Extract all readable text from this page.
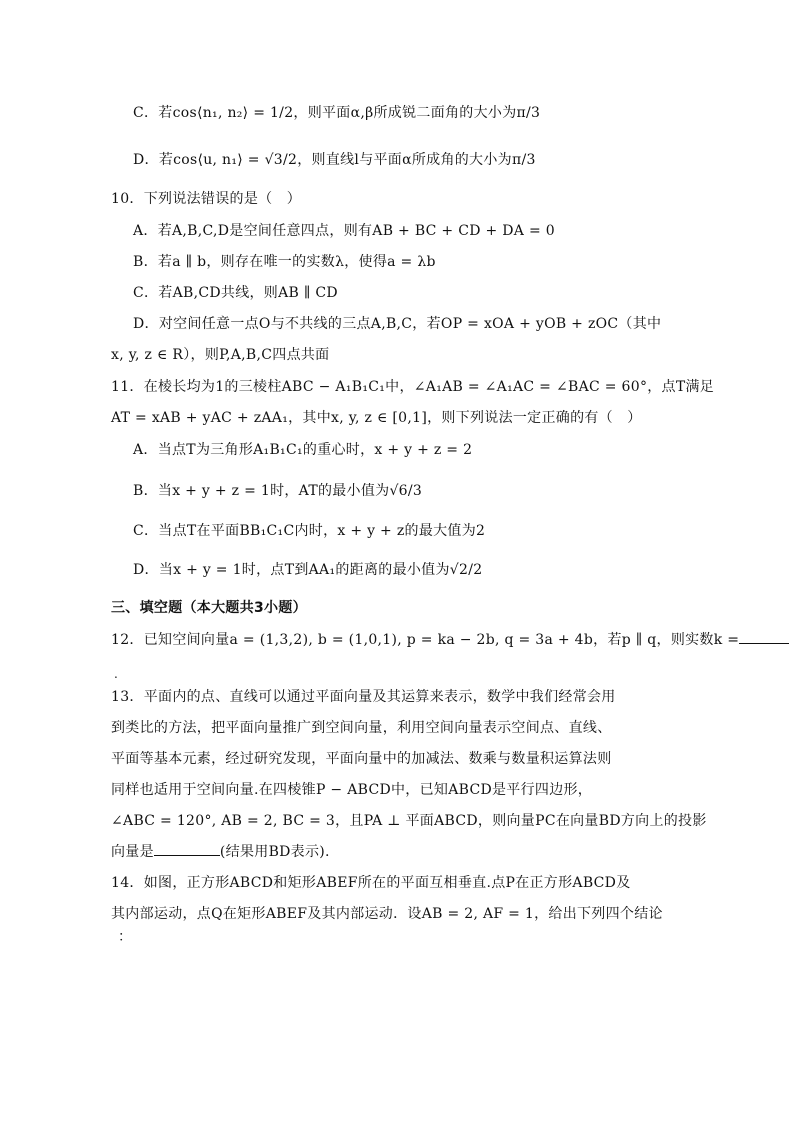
C．若cos⟨n₁, n₂⟩ = 1/2，则平面α,β所成锐二面角的大小为π/3
D．若cos⟨u, n₁⟩ = √3/2，则直线l与平面α所成角的大小为π/3
10．下列说法错误的是（　）
A．若A,B,C,D是空间任意四点，则有AB + BC + CD + DA = 0
B．若a ∥ b，则存在唯一的实数λ，使得a = λb
C．若AB,CD共线，则AB ∥ CD
D．对空间任意一点O与不共线的三点A,B,C，若OP = xOA + yOB + zOC（其中
x, y, z ∈ R），则P,A,B,C四点共面
11．在棱长均为1的三棱柱ABC − A₁B₁C₁中，∠A₁AB = ∠A₁AC = ∠BAC = 60°，点T满足
AT = xAB + yAC + zAA₁，其中x, y, z ∈ [0,1]，则下列说法一定正确的有（　）
A．当点T为三角形A₁B₁C₁的重心时，x + y + z = 2
B．当x + y + z = 1时，AT的最小值为√6/3
C．当点T在平面BB₁C₁C内时，x + y + z的最大值为2
D．当x + y = 1时，点T到AA₁的距离的最小值为√2/2
三、填空题（本大题共3小题）
12．已知空间向量a = (1,3,2), b = (1,0,1), p = ka − 2b, q = 3a + 4b，若p ∥ q，则实数k =
.
13．平面内的点、直线可以通过平面向量及其运算来表示，数学中我们经常会用
到类比的方法，把平面向量推广到空间向量，利用空间向量表示空间点、直线、
平面等基本元素，经过研究发现，平面向量中的加减法、数乘与数量积运算法则
同样也适用于空间向量.在四棱锥P − ABCD中，已知ABCD是平行四边形，
∠ABC = 120°, AB = 2, BC = 3，且PA ⊥ 平面ABCD，则向量PC在向量BD方向上的投影
向量是	(结果用BD表示).
14．如图，正方形ABCD和矩形ABEF所在的平面互相垂直.点P在正方形ABCD及
其内部运动，点Q在矩形ABEF及其内部运动．设AB = 2, AF = 1，给出下列四个结论
：
